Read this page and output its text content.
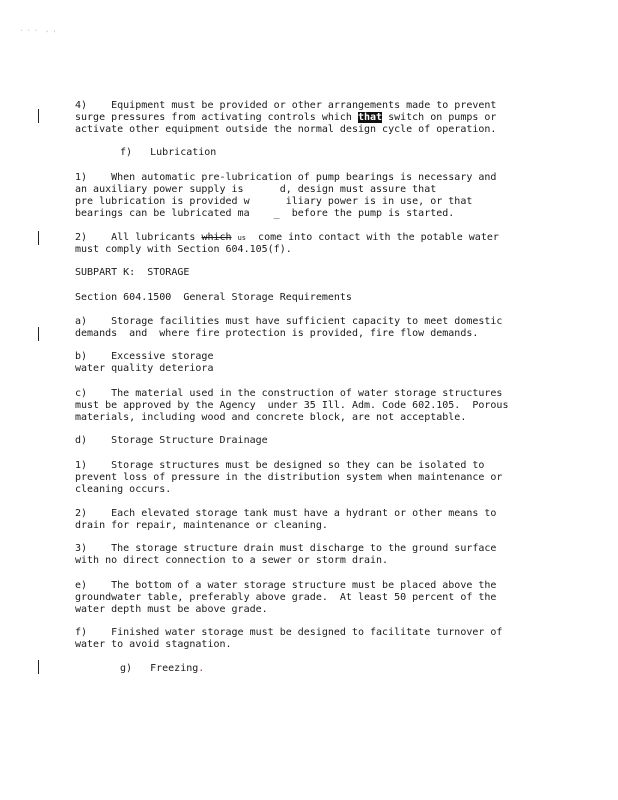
` ` `  ' '

4)    Equipment must be provided or other arrangements made to prevent

surge pressures from activating controls which that switch on pumps or

activate other equipment outside the normal design cycle of operation.

f)   Lubrication

1)    When automatic pre-lubrication of pump bearings is necessary and

an auxiliary power supply is      d, design must assure that

pre lubrication is provided w      iliary power is in use, or that

bearings can be lubricated ma    _  before the pump is started.

2)    All lubricants which us  come into contact with the potable water

must comply with Section 604.105(f).

SUBPART K:  STORAGE

Section 604.1500  General Storage Requirements

a)    Storage facilities must have sufficient capacity to meet domestic

demands  and  where fire protection is provided, fire flow demands.

b)    Excessive storage

water quality deteriora

c)    The material used in the construction of water storage structures

must be approved by the Agency  under 35 Ill. Adm. Code 602.105.  Porous

materials, including wood and concrete block, are not acceptable.

d)    Storage Structure Drainage

1)    Storage structures must be designed so they can be isolated to

prevent loss of pressure in the distribution system when maintenance or

cleaning occurs.

2)    Each elevated storage tank must have a hydrant or other means to

drain for repair, maintenance or cleaning.

3)    The storage structure drain must discharge to the ground surface

with no direct connection to a sewer or storm drain.

e)    The bottom of a water storage structure must be placed above the

groundwater table, preferably above grade.  At least 50 percent of the

water depth must be above grade.

f)    Finished water storage must be designed to facilitate turnover of

water to avoid stagnation.

g)   Freezing.
